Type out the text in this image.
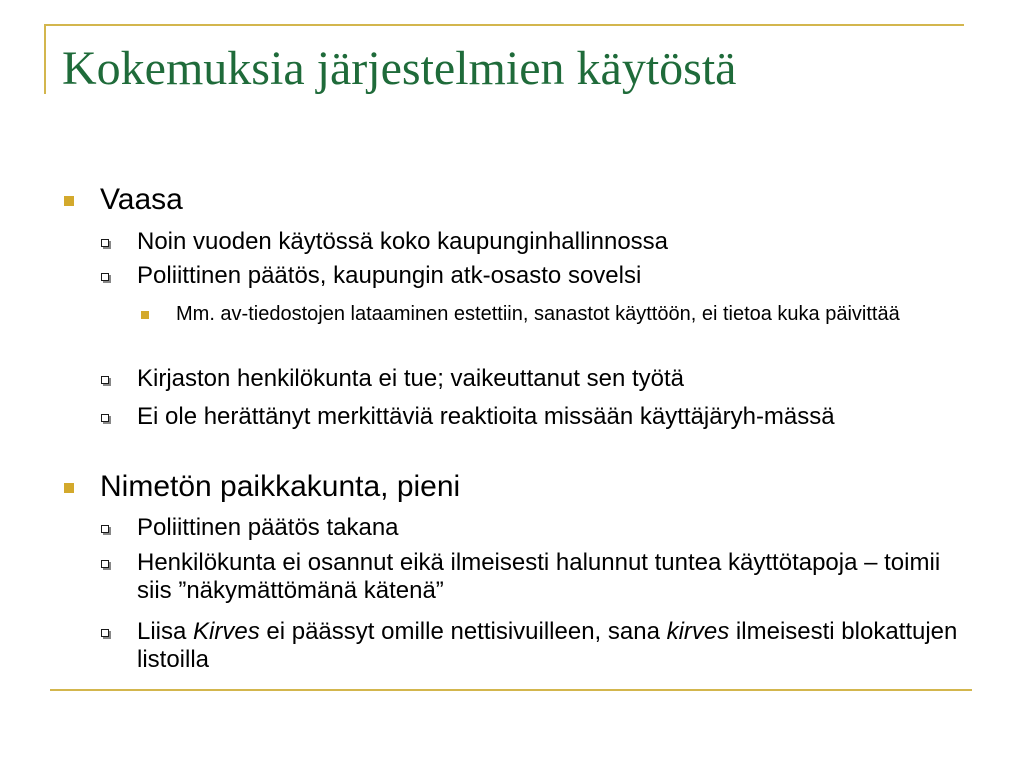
Kokemuksia järjestelmien käytöstä
Vaasa
Noin vuoden käytössä koko kaupunginhallinnossa
Poliittinen päätös, kaupungin atk-osasto sovelsi
Mm. av-tiedostojen lataaminen estettiin, sanastot käyttöön, ei tietoa kuka päivittää
Kirjaston henkilökunta ei tue; vaikeuttanut sen työtä
Ei ole herättänyt merkittäviä reaktioita missään käyttäjäryh-mässä
Nimetön paikkakunta, pieni
Poliittinen päätös takana
Henkilökunta ei osannut eikä ilmeisesti halunnut tuntea käyttötapoja – toimii siis ”näkymättömänä kätenä”
Liisa Kirves ei päässyt omille nettisivuilleen, sana kirves ilmeisesti blokattujen listoilla
